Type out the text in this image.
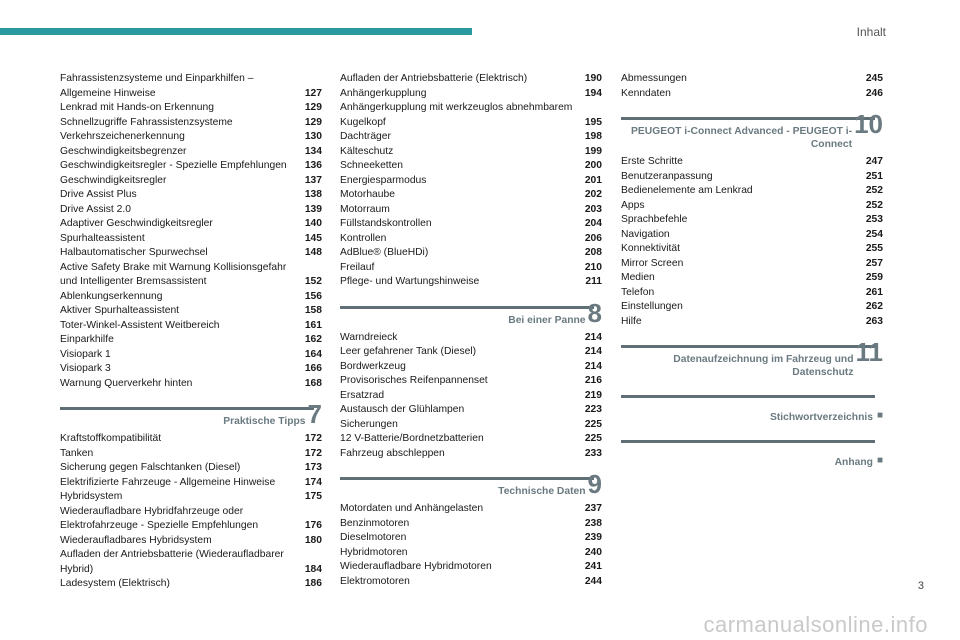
Inhalt
Fahrassistenzsysteme und Einparkhilfen – Allgemeine Hinweise	127
Lenkrad mit Hands-on Erkennung	129
Schnellzugriffe Fahrassistenzsysteme	129
Verkehrszeichenerkennung	130
Geschwindigkeitsbegrenzer	134
Geschwindigkeitsregler - Spezielle Empfehlungen	136
Geschwindigkeitsregler	137
Drive Assist Plus	138
Drive Assist 2.0	139
Adaptiver Geschwindigkeitsregler	140
Spurhalteassistent	145
Halbautomatischer Spurwechsel	148
Active Safety Brake mit Warnung Kollisionsgefahr und Intelligenter Bremsassistent	152
Ablenkungserkennung	156
Aktiver Spurhalteassistent	158
Toter-Winkel-Assistent Weitbereich	161
Einparkhilfe	162
Visiopark 1	164
Visiopark 3	166
Warnung Querverkehr hinten	168
Praktische Tipps 7
Kraftstoffkompatibilität	172
Tanken	172
Sicherung gegen Falschtanken (Diesel)	173
Elektrifizierte Fahrzeuge - Allgemeine Hinweise	174
Hybridsystem	175
Wiederaufladbare Hybridfahrzeuge oder Elektrofahrzeuge - Spezielle Empfehlungen	176
Wiederaufladbares Hybridsystem	180
Aufladen der Antriebsbatterie (Wiederaufladbarer Hybrid)	184
Ladesystem (Elektrisch)	186
Aufladen der Antriebsbatterie (Elektrisch)	190
Anhängerkupplung	194
Anhängerkupplung mit werkzeuglos abnehmbarem Kugelkopf	195
Dachträger	198
Kälteschutz	199
Schneeketten	200
Energiesparmodus	201
Motorhaube	202
Motorraum	203
Füllstandskontrollen	204
Kontrollen	206
AdBlue® (BlueHDi)	208
Freilauf	210
Pflege- und Wartungshinweise	211
Bei einer Panne 8
Warndreieck	214
Leer gefahrener Tank (Diesel)	214
Bordwerkzeug	214
Provisorisches Reifenpannenset	216
Ersatzrad	219
Austausch der Glühlampen	223
Sicherungen	225
12 V-Batterie/Bordnetzbatterien	225
Fahrzeug abschleppen	233
Technische Daten 9
Motordaten und Anhängelasten	237
Benzinmotoren	238
Dieselmotoren	239
Hybridmotoren	240
Wiederaufladbare Hybridmotoren	241
Elektromotoren	244
Abmessungen	245
Kenndaten	246
PEUGEOT i-Connect Advanced - PEUGEOT i-Connect
10
Erste Schritte	247
Benutzeranpassung	251
Bedienelemente am Lenkrad	252
Apps	252
Sprachbefehle	253
Navigation	254
Konnektivität	255
Mirror Screen	257
Medien	259
Telefon	261
Einstellungen	262
Hilfe	263
Datenaufzeichnung im Fahrzeug und Datenschutz
11
Stichwortverzeichnis ■
Anhang ■
3
carmanualsonline.info
